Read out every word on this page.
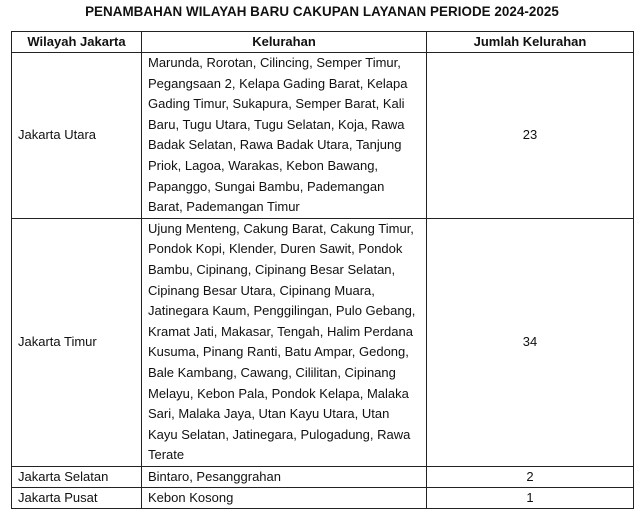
PENAMBAHAN WILAYAH BARU CAKUPAN LAYANAN PERIODE 2024-2025
Wilayah Jakarta	Kelurahan	Jumlah Kelurahan
Jakarta Utara	Marunda, Rorotan, Cilincing, Semper Timur, Pegangsaan 2, Kelapa Gading Barat, Kelapa Gading Timur, Sukapura, Semper Barat, Kali Baru, Tugu Utara, Tugu Selatan, Koja, Rawa Badak Selatan, Rawa Badak Utara, Tanjung Priok, Lagoa, Warakas, Kebon Bawang, Papanggo, Sungai Bambu, Pademangan Barat, Pademangan Timur	23
Jakarta Timur	Ujung Menteng, Cakung Barat, Cakung Timur, Pondok Kopi, Klender, Duren Sawit, Pondok Bambu, Cipinang, Cipinang Besar Selatan, Cipinang Besar Utara, Cipinang Muara, Jatinegara Kaum, Penggilingan, Pulo Gebang, Kramat Jati, Makasar, Tengah, Halim Perdana Kusuma, Pinang Ranti, Batu Ampar, Gedong, Bale Kambang, Cawang, Cililitan, Cipinang Melayu, Kebon Pala, Pondok Kelapa, Malaka Sari, Malaka Jaya, Utan Kayu Utara, Utan Kayu Selatan, Jatinegara, Pulogadung, Rawa Terate	34
Jakarta Selatan	Bintaro, Pesanggrahan	2
Jakarta Pusat	Kebon Kosong	1
